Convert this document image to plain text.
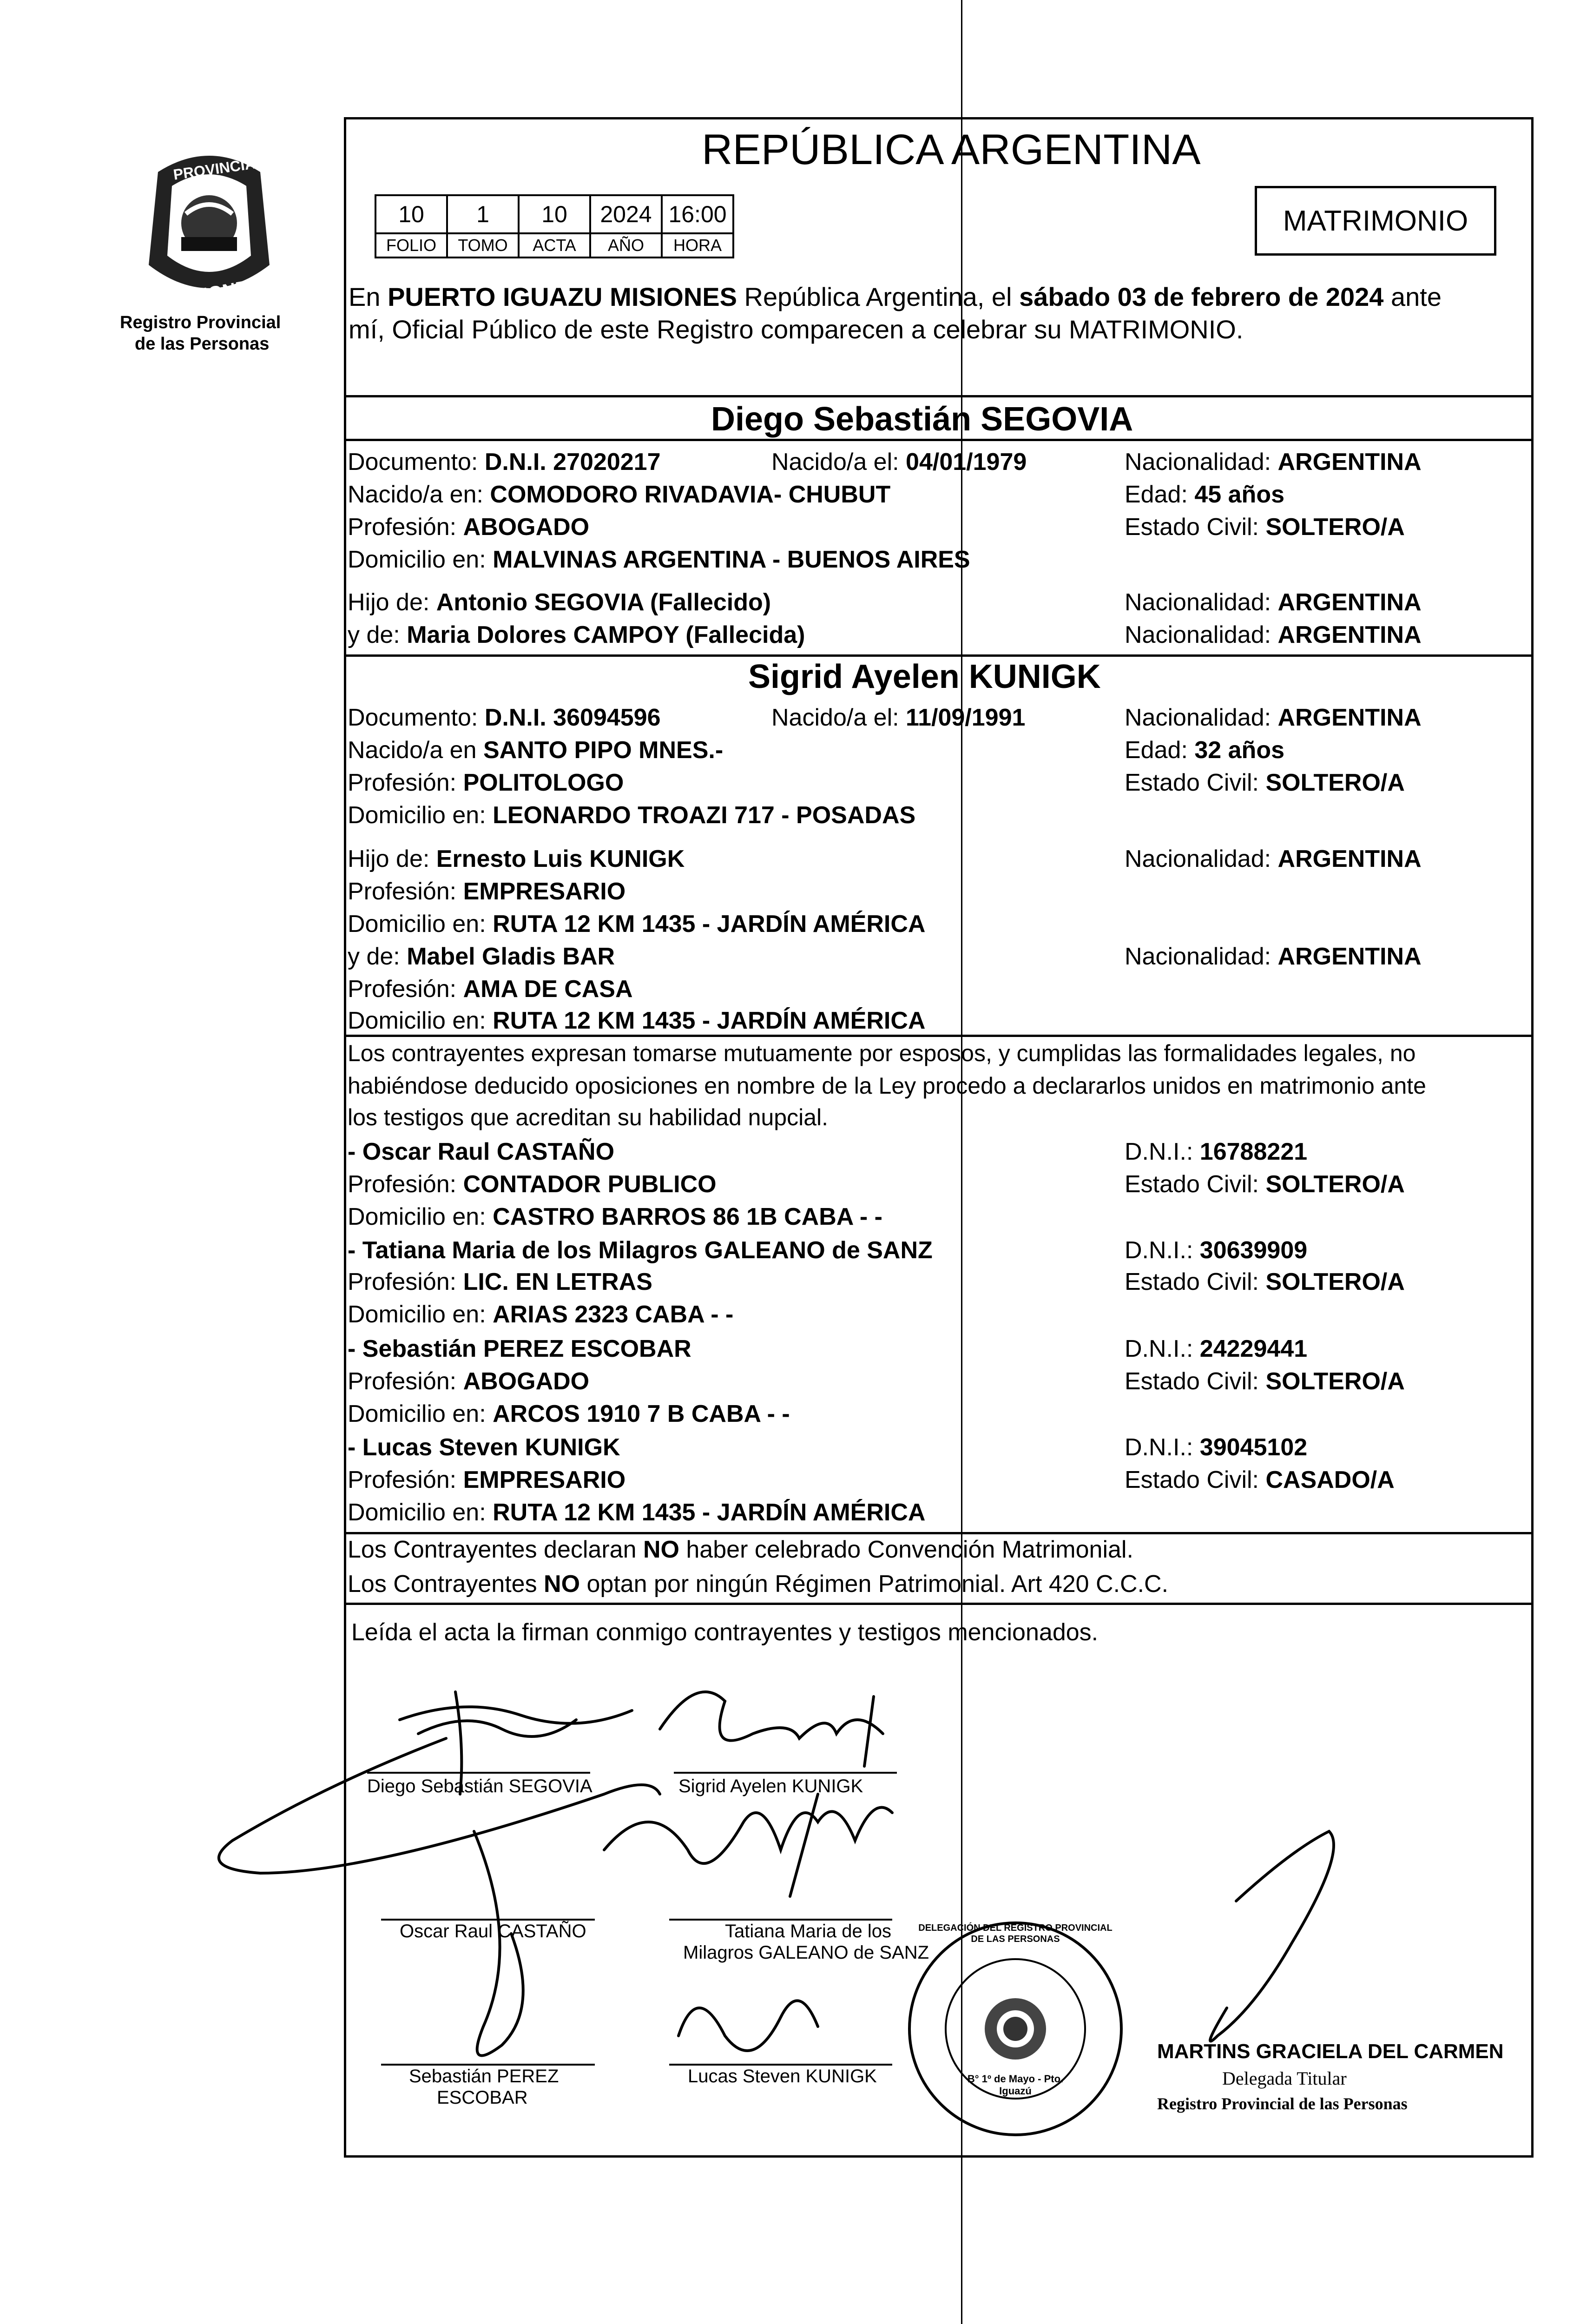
PROVINCIA DE
MISIONES
Registro Provincial
de las Personas
REPÚBLICA ARGENTINA
10	1	10	2024	16:00
FOLIO	TOMO	ACTA	AÑO	HORA
MATRIMONIO
En PUERTO IGUAZU MISIONES República Argentina, el sábado 03 de febrero de 2024 ante
mí, Oficial Público de este Registro comparecen a celebrar su MATRIMONIO.
Diego Sebastián SEGOVIA
Documento: D.N.I. 27020217	Nacido/a el: 04/01/1979	Nacionalidad: ARGENTINA
Nacido/a en: COMODORO RIVADAVIA- CHUBUT	Edad: 45 años
Profesión: ABOGADO	Estado Civil: SOLTERO/A
Domicilio en: MALVINAS ARGENTINA - BUENOS AIRES
Hijo de: Antonio SEGOVIA (Fallecido)	Nacionalidad: ARGENTINA
y de: Maria Dolores CAMPOY (Fallecida)	Nacionalidad: ARGENTINA
Sigrid Ayelen KUNIGK
Documento: D.N.I. 36094596	Nacido/a el: 11/09/1991	Nacionalidad: ARGENTINA
Nacido/a en SANTO PIPO MNES.-	Edad: 32 años
Profesión: POLITOLOGO	Estado Civil: SOLTERO/A
Domicilio en: LEONARDO TROAZI 717 - POSADAS
Hijo de: Ernesto Luis KUNIGK	Nacionalidad: ARGENTINA
Profesión: EMPRESARIO
Domicilio en: RUTA 12 KM 1435 - JARDÍN AMÉRICA
y de: Mabel Gladis BAR	Nacionalidad: ARGENTINA
Profesión: AMA DE CASA
Domicilio en: RUTA 12 KM 1435 - JARDÍN AMÉRICA
Los contrayentes expresan tomarse mutuamente por esposos, y cumplidas las formalidades legales, no
habiéndose deducido oposiciones en nombre de la Ley procedo a declararlos unidos en matrimonio ante
los testigos que acreditan su habilidad nupcial.
- Oscar Raul CASTAÑO	D.N.I.: 16788221
Profesión: CONTADOR PUBLICO	Estado Civil: SOLTERO/A
Domicilio en: CASTRO BARROS 86 1B CABA - -
- Tatiana Maria de los Milagros GALEANO de SANZ	D.N.I.: 30639909
Profesión: LIC. EN LETRAS	Estado Civil: SOLTERO/A
Domicilio en: ARIAS 2323 CABA - -
- Sebastián PEREZ ESCOBAR	D.N.I.: 24229441
Profesión: ABOGADO	Estado Civil: SOLTERO/A
Domicilio en: ARCOS 1910 7 B CABA - -
- Lucas Steven KUNIGK	D.N.I.: 39045102
Profesión: EMPRESARIO	Estado Civil: CASADO/A
Domicilio en: RUTA 12 KM 1435 - JARDÍN AMÉRICA
Los Contrayentes declaran NO haber celebrado Convención Matrimonial.
Los Contrayentes NO optan por ningún Régimen Patrimonial. Art 420 C.C.C.
Leída el acta la firman conmigo contrayentes y testigos mencionados.
Diego Sebastián SEGOVIA	Sigrid Ayelen KUNIGK
Oscar Raul CASTAÑO	Tatiana Maria de los
Milagros GALEANO de SANZ
Sebastián PEREZ
ESCOBAR
Lucas Steven KUNIGK
DELEGACIÓN DEL REGISTRO PROVINCIAL DE LAS PERSONAS
B° 1º de Mayo - Pto. Iguazú
MARTINS GRACIELA DEL CARMEN
Delegada Titular
Registro Provincial de las Personas
